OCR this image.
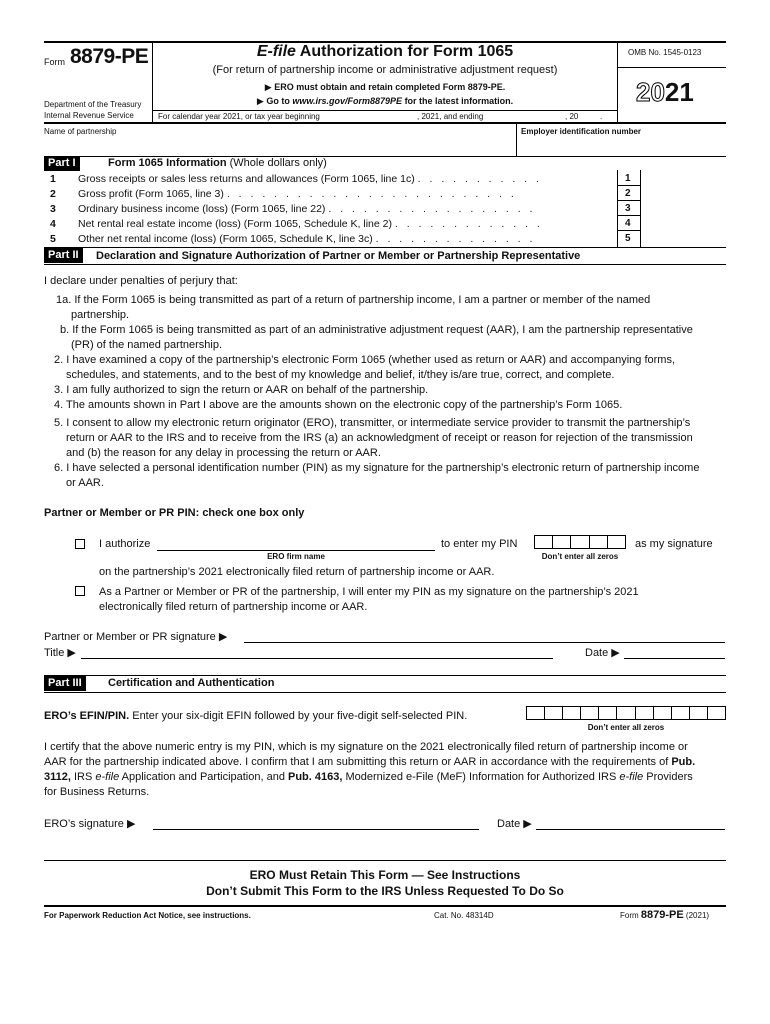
Form 8879-PE
Department of the Treasury
Internal Revenue Service
E-file Authorization for Form 1065
(For return of partnership income or administrative adjustment request)
▶ ERO must obtain and retain completed Form 8879-PE.
▶ Go to www.irs.gov/Form8879PE for the latest information.
OMB No. 1545-0123
2021
For calendar year 2021, or tax year beginning	, 2021, and ending	, 20	.
Name of partnership	Employer identification number
Part I	Form 1065 Information (Whole dollars only)
1 Gross receipts or sales less returns and allowances (Form 1065, line 1c) . . . . . . . . . . .
2 Gross profit (Form 1065, line 3) . . . . . . . . . . . . . . . . . . . . . . . . .
3 Ordinary business income (loss) (Form 1065, line 22) . . . . . . . . . . . . . . . . . .
4 Net rental real estate income (loss) (Form 1065, Schedule K, line 2) . . . . . . . . . . . . .
5 Other net rental income (loss) (Form 1065, Schedule K, line 3c) . . . . . . . . . . . . . .
1
2
3
4
5
Part II	Declaration and Signature Authorization of Partner or Member or Partnership Representative
I declare under penalties of perjury that:
1a. If the Form 1065 is being transmitted as part of a return of partnership income, I am a partner or member of the named
partnership.
b. If the Form 1065 is being transmitted as part of an administrative adjustment request (AAR), I am the partnership representative
(PR) of the named partnership.
2. I have examined a copy of the partnership’s electronic Form 1065 (whether used as return or AAR) and accompanying forms,
schedules, and statements, and to the best of my knowledge and belief, it/they is/are true, correct, and complete.
3. I am fully authorized to sign the return or AAR on behalf of the partnership.
4. The amounts shown in Part I above are the amounts shown on the electronic copy of the partnership’s Form 1065.
5. I consent to allow my electronic return originator (ERO), transmitter, or intermediate service provider to transmit the partnership’s
return or AAR to the IRS and to receive from the IRS (a) an acknowledgment of receipt or reason for rejection of the transmission
and (b) the reason for any delay in processing the return or AAR.
6. I have selected a personal identification number (PIN) as my signature for the partnership’s electronic return of partnership income
or AAR.
Partner or Member or PR PIN: check one box only
I authorize
ERO firm name
to enter my PIN
Don’t enter all zeros
as my signature
on the partnership’s 2021 electronically filed return of partnership income or AAR.
As a Partner or Member or PR of the partnership, I will enter my PIN as my signature on the partnership’s 2021
electronically filed return of partnership income or AAR.
Partner or Member or PR signature ▶
Title ▶	Date ▶
Part III	Certification and Authentication
ERO’s EFIN/PIN. Enter your six-digit EFIN followed by your five-digit self-selected PIN.
Don’t enter all zeros
I certify that the above numeric entry is my PIN, which is my signature on the 2021 electronically filed return of partnership income or
AAR for the partnership indicated above. I confirm that I am submitting this return or AAR in accordance with the requirements of Pub.
3112, IRS e-file Application and Participation, and Pub. 4163, Modernized e-File (MeF) Information for Authorized IRS e-file Providers
for Business Returns.
ERO’s signature ▶	Date ▶
ERO Must Retain This Form — See Instructions
Don’t Submit This Form to the IRS Unless Requested To Do So
For Paperwork Reduction Act Notice, see instructions.	Cat. No. 48314D	Form 8879-PE (2021)
